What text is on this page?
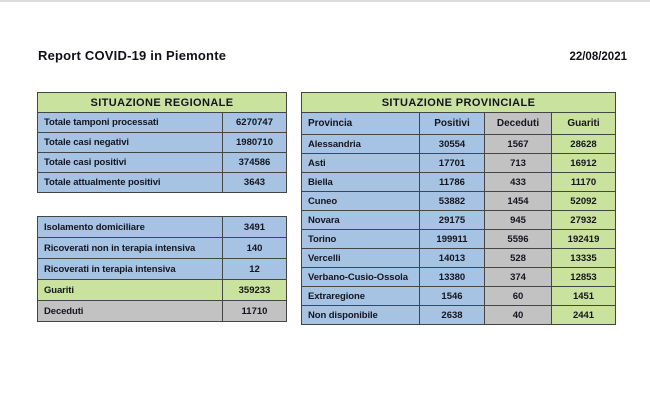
Report COVID-19 in Piemonte	22/08/2021
SITUAZIONE REGIONALE	
Totale tamponi processati	6270747
Totale casi negativi	1980710
Totale casi positivi	374586
Totale attualmente positivi	3643
Isolamento domiciliare	3491
Ricoverati non in terapia intensiva	140
Ricoverati in terapia intensiva	12
Guariti	359233
Deceduti	11710
SITUAZIONE PROVINCIALE			
Provincia	Positivi	Deceduti	Guariti
Alessandria	30554	1567	28628
Asti	17701	713	16912
Biella	11786	433	11170
Cuneo	53882	1454	52092
Novara	29175	945	27932
Torino	199911	5596	192419
Vercelli	14013	528	13335
Verbano-Cusio-Ossola	13380	374	12853
Extraregione	1546	60	1451
Non disponibile	2638	40	2441
